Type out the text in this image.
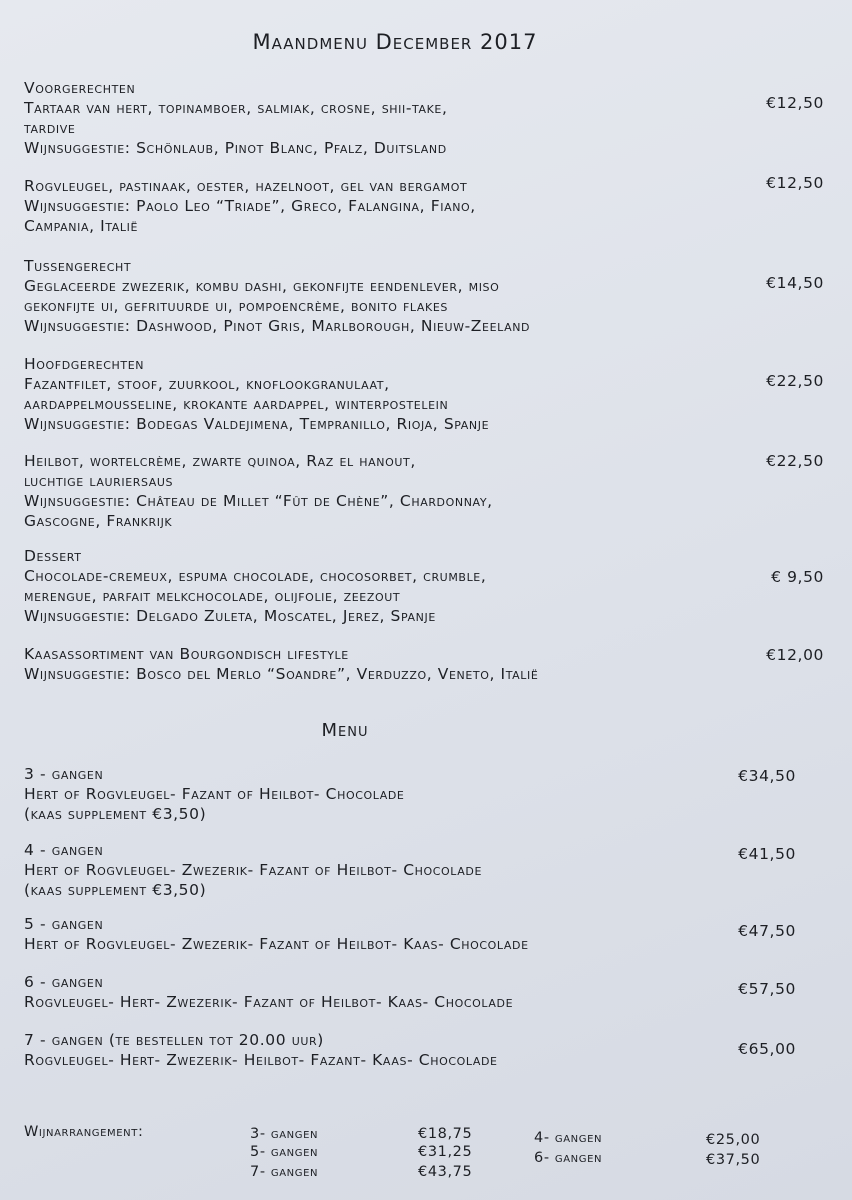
Maandmenu December 2017
Voorgerechten
Tartaar van hert, topinamboer, salmiak, crosne, shii-take,
tardive
Wijnsuggestie: Schönlaub, Pinot Blanc, Pfalz, Duitsland
€12,50
Rogvleugel, pastinaak, oester, hazelnoot, gel van bergamot
Wijnsuggestie: Paolo Leo “Triade”, Greco, Falangina, Fiano,
Campania, Italië
€12,50
Tussengerecht
Geglaceerde zwezerik, kombu dashi, gekonfijte eendenlever, miso
gekonfijte ui, gefrituurde ui, pompoencrème, bonito flakes
Wijnsuggestie: Dashwood, Pinot Gris, Marlborough, Nieuw-Zeeland
€14,50
Hoofdgerechten
Fazantfilet, stoof, zuurkool, knoflookgranulaat,
aardappelmousseline, krokante aardappel, winterpostelein
Wijnsuggestie: Bodegas Valdejimena, Tempranillo, Rioja, Spanje
€22,50
Heilbot, wortelcrème, zwarte quinoa, Raz el hanout,
luchtige lauriersaus
Wijnsuggestie: Château de Millet “Fût de Chène”, Chardonnay,
Gascogne, Frankrijk
€22,50
Dessert
Chocolade-cremeux, espuma chocolade, chocosorbet, crumble,
merengue, parfait melkchocolade, olijfolie, zeezout
Wijnsuggestie: Delgado Zuleta, Moscatel, Jerez, Spanje
€ 9,50
Kaasassortiment van Bourgondisch lifestyle
Wijnsuggestie: Bosco del Merlo “Soandre”, Verduzzo, Veneto, Italië
€12,00
Menu
3 - gangen
Hert of Rogvleugel- Fazant of Heilbot- Chocolade
(kaas supplement €3,50)
€34,50
4 - gangen
Hert of Rogvleugel- Zwezerik- Fazant of Heilbot- Chocolade
(kaas supplement €3,50)
€41,50
5 - gangen
Hert of Rogvleugel- Zwezerik- Fazant of Heilbot- Kaas- Chocolade
€47,50
6 - gangen
Rogvleugel- Hert- Zwezerik- Fazant of Heilbot- Kaas- Chocolade
€57,50
7 - gangen (te bestellen tot 20.00 uur)
Rogvleugel- Hert- Zwezerik- Heilbot- Fazant- Kaas- Chocolade
€65,00
Wijnarrangement:	3- gangen	€18,75
5- gangen	€31,25
7- gangen	€43,75
4- gangen	€25,00
6- gangen	€37,50
